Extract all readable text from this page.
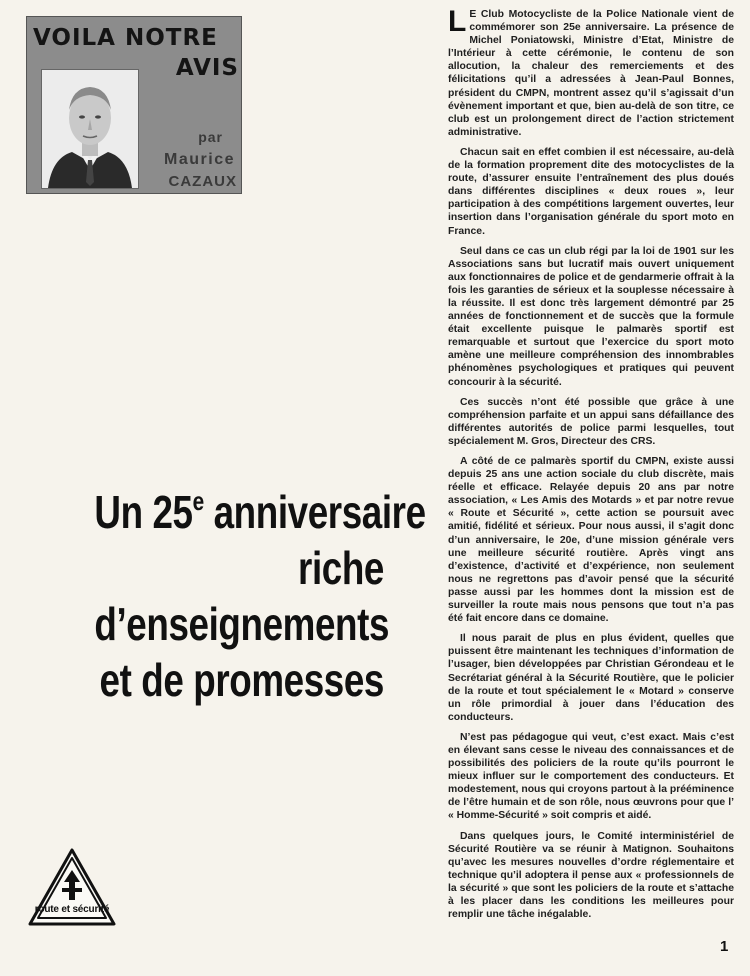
VOILA NOTRE
AVIS
par
Maurice
CAZAUX
Un 25e anniversaire
riche
d’enseignements
et de promesses
route et sécurité

L E Club Motocycliste de la Police Nationale vient de commémorer son 25e anniversaire. La présence de Michel Poniatowski, Ministre d’Etat, Ministre de l’Intérieur à cette cérémonie, le contenu de son allocution, la chaleur des remerciements et des félicitations qu’il a adressées à Jean-Paul Bonnes, président du CMPN, montrent assez qu’il s’agissait d’un évènement important et que, bien au-delà de son titre, ce club est un prolongement direct de l’action strictement administrative.

Chacun sait en effet combien il est nécessaire, au-delà de la formation proprement dite des motocyclistes de la route, d’assurer ensuite l’entraînement des plus doués dans différentes disciplines « deux roues », leur participation à des compétitions largement ouvertes, leur insertion dans l’organisation générale du sport moto en France.

Seul dans ce cas un club régi par la loi de 1901 sur les Associations sans but lucratif mais ouvert uniquement aux fonctionnaires de police et de gendarmerie offrait à la fois les garanties de sérieux et la souplesse nécessaire à la réussite. Il est donc très largement démontré par 25 années de fonctionnement et de succès que la formule était excellente puisque le palmarès sportif est remarquable et surtout que l’exercice du sport moto amène une meilleure compréhension des innombrables phénomènes psychologiques et pratiques qui peuvent concourir à la sécurité.

Ces succès n’ont été possible que grâce à une compréhension parfaite et un appui sans défaillance des différentes autorités de police parmi lesquelles, tout spécialement M. Gros, Directeur des CRS.

A côté de ce palmarès sportif du CMPN, existe aussi depuis 25 ans une action sociale du club discrète, mais réelle et efficace. Relayée depuis 20 ans par notre association, « Les Amis des Motards » et par notre revue « Route et Sécurité », cette action se poursuit avec amitié, fidélité et sérieux. Pour nous aussi, il s’agit donc d’un anniversaire, le 20e, d’une mission générale vers une meilleure sécurité routière. Après vingt ans d’existence, d’activité et d’expérience, non seulement nous ne regrettons pas d’avoir pensé que la sécurité passe aussi par les hommes dont la mission est de surveiller la route mais nous pensons que tout n’a pas été fait encore dans ce domaine.

Il nous parait de plus en plus évident, quelles que puissent être maintenant les techniques d’information de l’usager, bien développées par Christian Gérondeau et le Secrétariat général à la Sécurité Routière, que le policier de la route et tout spécialement le « Motard » conserve un rôle primordial à jouer dans l’éducation des conducteurs.

N’est pas pédagogue qui veut, c’est exact. Mais c’est en élevant sans cesse le niveau des connaissances et de possibilités des policiers de la route qu’ils pourront le mieux influer sur le comportement des conducteurs. Et modestement, nous qui croyons partout à la prééminence de l’être humain et de son rôle, nous œuvrons pour que l’ « Homme-Sécurité » soit compris et aidé.

Dans quelques jours, le Comité interministériel de Sécurité Routière va se réunir à Matignon. Souhaitons qu’avec les mesures nouvelles d’ordre réglementaire et technique qu’il adoptera il pense aux « professionnels de la sécurité » que sont les policiers de la route et s’attache à les placer dans les conditions les meilleures pour remplir une tâche inégalable.

1
